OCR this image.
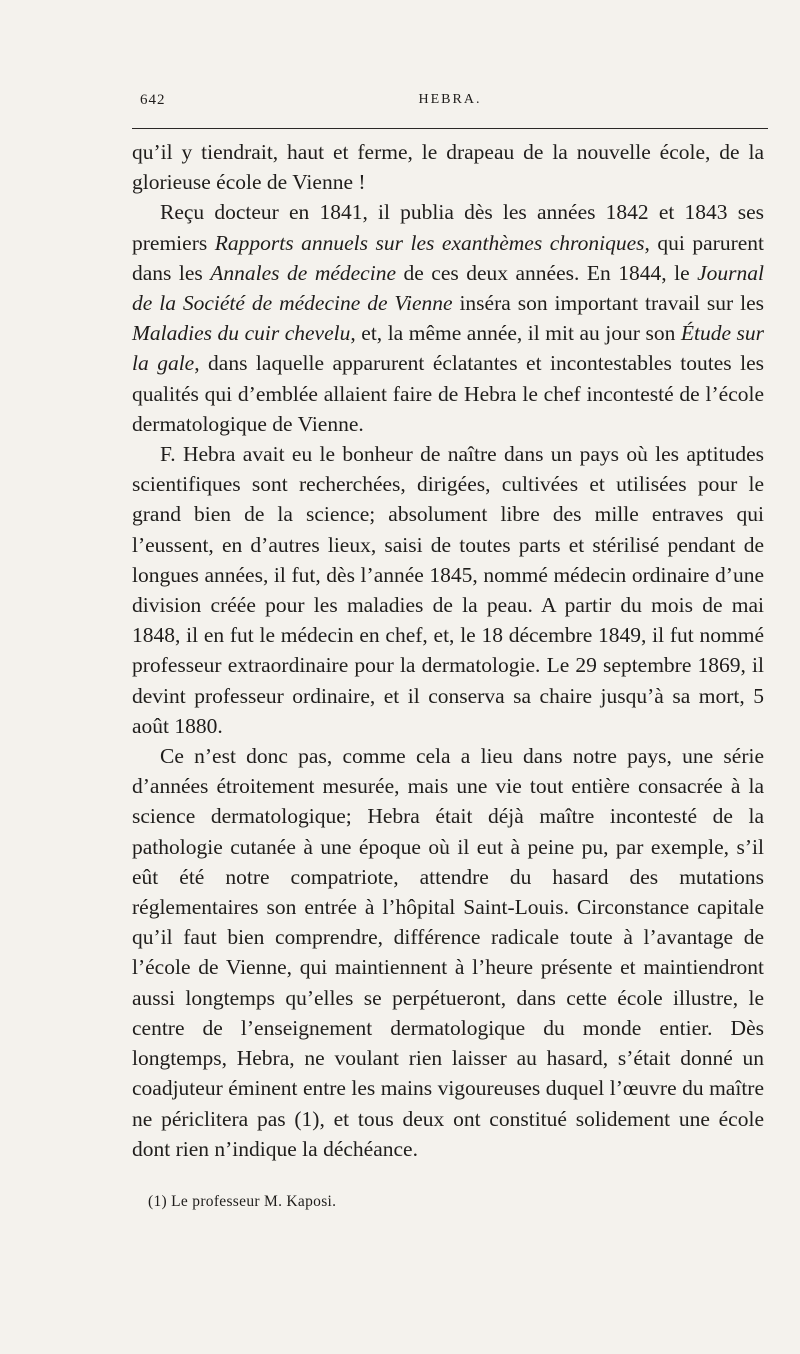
642	HEBRA.

qu’il y tiendrait, haut et ferme, le drapeau de la nouvelle école, de la glorieuse école de Vienne !

Reçu docteur en 1841, il publia dès les années 1842 et 1843 ses premiers Rapports annuels sur les exanthèmes chroniques, qui parurent dans les Annales de médecine de ces deux années. En 1844, le Journal de la Société de médecine de Vienne inséra son important travail sur les Maladies du cuir chevelu, et, la même année, il mit au jour son Étude sur la gale, dans laquelle apparurent éclatantes et incontestables toutes les qualités qui d’emblée allaient faire de Hebra le chef incontesté de l’école dermatologique de Vienne.

F. Hebra avait eu le bonheur de naître dans un pays où les aptitudes scientifiques sont recherchées, dirigées, cultivées et utilisées pour le grand bien de la science; absolument libre des mille entraves qui l’eussent, en d’autres lieux, saisi de toutes parts et stérilisé pendant de longues années, il fut, dès l’année 1845, nommé médecin ordinaire d’une division créée pour les maladies de la peau. A partir du mois de mai 1848, il en fut le médecin en chef, et, le 18 décembre 1849, il fut nommé professeur extraordinaire pour la dermatologie. Le 29 septembre 1869, il devint professeur ordinaire, et il conserva sa chaire jusqu’à sa mort, 5 août 1880.

Ce n’est donc pas, comme cela a lieu dans notre pays, une série d’années étroitement mesurée, mais une vie tout entière consacrée à la science dermatologique; Hebra était déjà maître incontesté de la pathologie cutanée à une époque où il eut à peine pu, par exemple, s’il eût été notre compatriote, attendre du hasard des mutations réglementaires son entrée à l’hôpital Saint-Louis. Circonstance capitale qu’il faut bien comprendre, différence radicale toute à l’avantage de l’école de Vienne, qui maintiennent à l’heure présente et maintiendront aussi longtemps qu’elles se perpétueront, dans cette école illustre, le centre de l’enseignement dermatologique du monde entier. Dès longtemps, Hebra, ne voulant rien laisser au hasard, s’était donné un coadjuteur éminent entre les mains vigoureuses duquel l’œuvre du maître ne périclitera pas (1), et tous deux ont constitué solidement une école dont rien n’indique la déchéance.

(1) Le professeur M. Kaposi.
